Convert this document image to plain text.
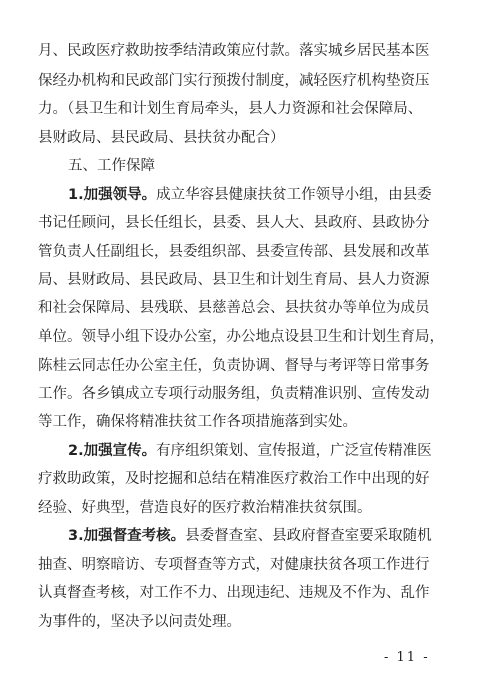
月、民政医疗救助按季结清政策应付款。落实城乡居民基本医
保经办机构和民政部门实行预拨付制度，减轻医疗机构垫资压
力。（县卫生和计划生育局牵头，县人力资源和社会保障局、
县财政局、县民政局、县扶贫办配合）
五、工作保障
1.加强领导。成立华容县健康扶贫工作领导小组，由县委
书记任顾问，县长任组长，县委、县人大、县政府、县政协分
管负责人任副组长，县委组织部、县委宣传部、县发展和改革
局、县财政局、县民政局、县卫生和计划生育局、县人力资源
和社会保障局、县残联、县慈善总会、县扶贫办等单位为成员
单位。领导小组下设办公室，办公地点设县卫生和计划生育局，
陈桂云同志任办公室主任，负责协调、督导与考评等日常事务
工作。各乡镇成立专项行动服务组，负责精准识别、宣传发动
等工作，确保将精准扶贫工作各项措施落到实处。
2.加强宣传。有序组织策划、宣传报道，广泛宣传精准医
疗救助政策，及时挖掘和总结在精准医疗救治工作中出现的好
经验、好典型，营造良好的医疗救治精准扶贫氛围。
3.加强督查考核。县委督查室、县政府督查室要采取随机
抽查、明察暗访、专项督查等方式，对健康扶贫各项工作进行
认真督查考核，对工作不力、出现违纪、违规及不作为、乱作
为事件的，坚决予以问责处理。
- 11 -
